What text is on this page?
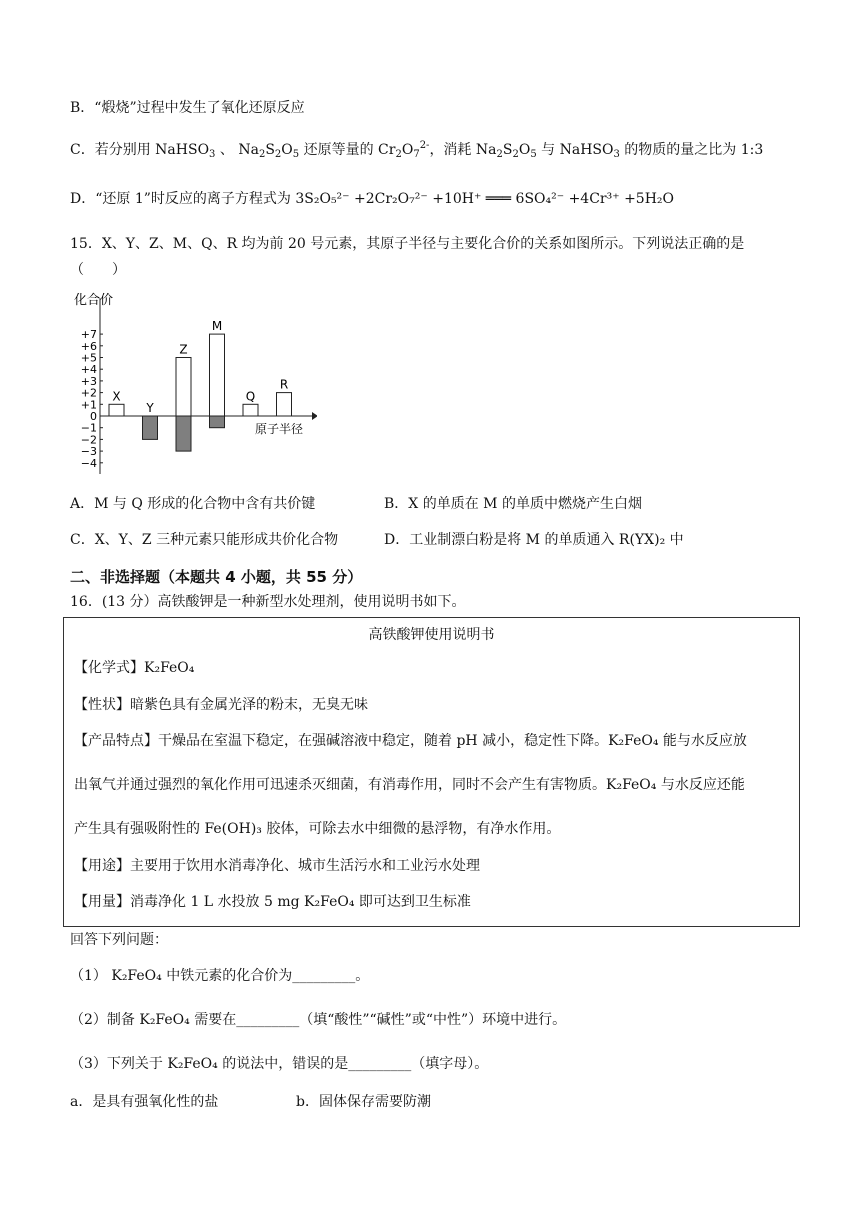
B．“煅烧”过程中发生了氧化还原反应
C．若分别用 NaHSO$_3$ 、 $Na_2S_2O_5$ 还原等量的 $Cr_2O_7^{2-}$，消耗 $Na_2S_2O_5$ 与 NaHSO$_3$ 的物质的量之比为 1:3
D．“还原 1”时反应的离子方程式为 3S₂O₅²⁻ +2Cr₂O₇²⁻ +10H⁺ ═══ 6SO₄²⁻ +4Cr³⁺ +5H₂O
15．X、Y、Z、M、Q、R 均为前 20 号元素，其原子半径与主要化合价的关系如图所示。下列说法正确的是
（　　）
化合价
原子半径
+7
+6
+5
+4
+3
+2
+1
0
−1
−2
−3
−4
X
Y
Z
M
Q
R
A．M 与 Q 形成的化合物中含有共价键	B．X 的单质在 M 的单质中燃烧产生白烟
C．X、Y、Z 三种元素只能形成共价化合物	D．工业制漂白粉是将 M 的单质通入 R(YX)₂ 中
二、非选择题（本题共 4 小题，共 55 分）
16．(13 分）高铁酸钾是一种新型水处理剂，使用说明书如下。
高铁酸钾使用说明书
【化学式】K₂FeO₄
【性状】暗紫色具有金属光泽的粉末，无臭无味
【产品特点】干燥品在室温下稳定，在强碱溶液中稳定，随着 pH 减小，稳定性下降。K₂FeO₄ 能与水反应放
出氧气并通过强烈的氧化作用可迅速杀灭细菌，有消毒作用，同时不会产生有害物质。K₂FeO₄ 与水反应还能
产生具有强吸附性的 Fe(OH)₃ 胶体，可除去水中细微的悬浮物，有净水作用。
【用途】主要用于饮用水消毒净化、城市生活污水和工业污水处理
【用量】消毒净化 1 L 水投放 5 mg K₂FeO₄ 即可达到卫生标准
回答下列问题：
（1） K₂FeO₄ 中铁元素的化合价为_________。
（2）制备 K₂FeO₄ 需要在_________（填“酸性”“碱性”或“中性”）环境中进行。
（3）下列关于 K₂FeO₄ 的说法中，错误的是_________（填字母）。
a．是具有强氧化性的盐	b．固体保存需要防潮
